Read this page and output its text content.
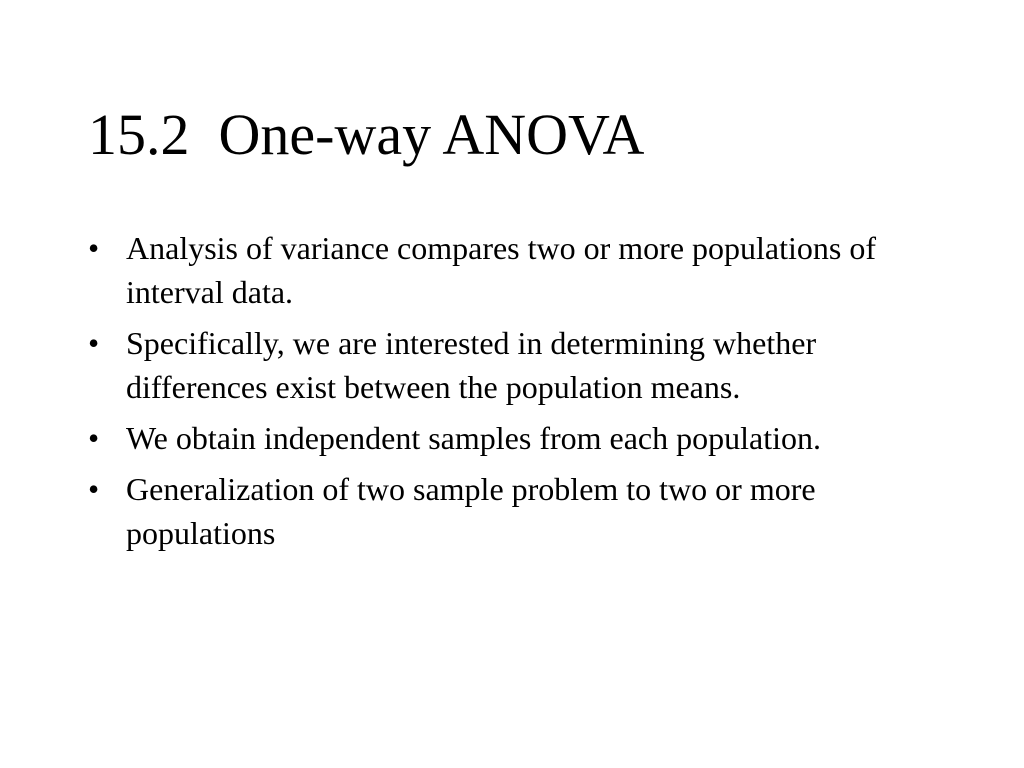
15.2  One-way ANOVA
• Analysis of variance compares two or more populations of interval data.
• Specifically, we are interested in determining whether differences exist between the population means.
• We obtain independent samples from each population.
• Generalization of two sample problem to two or more populations
